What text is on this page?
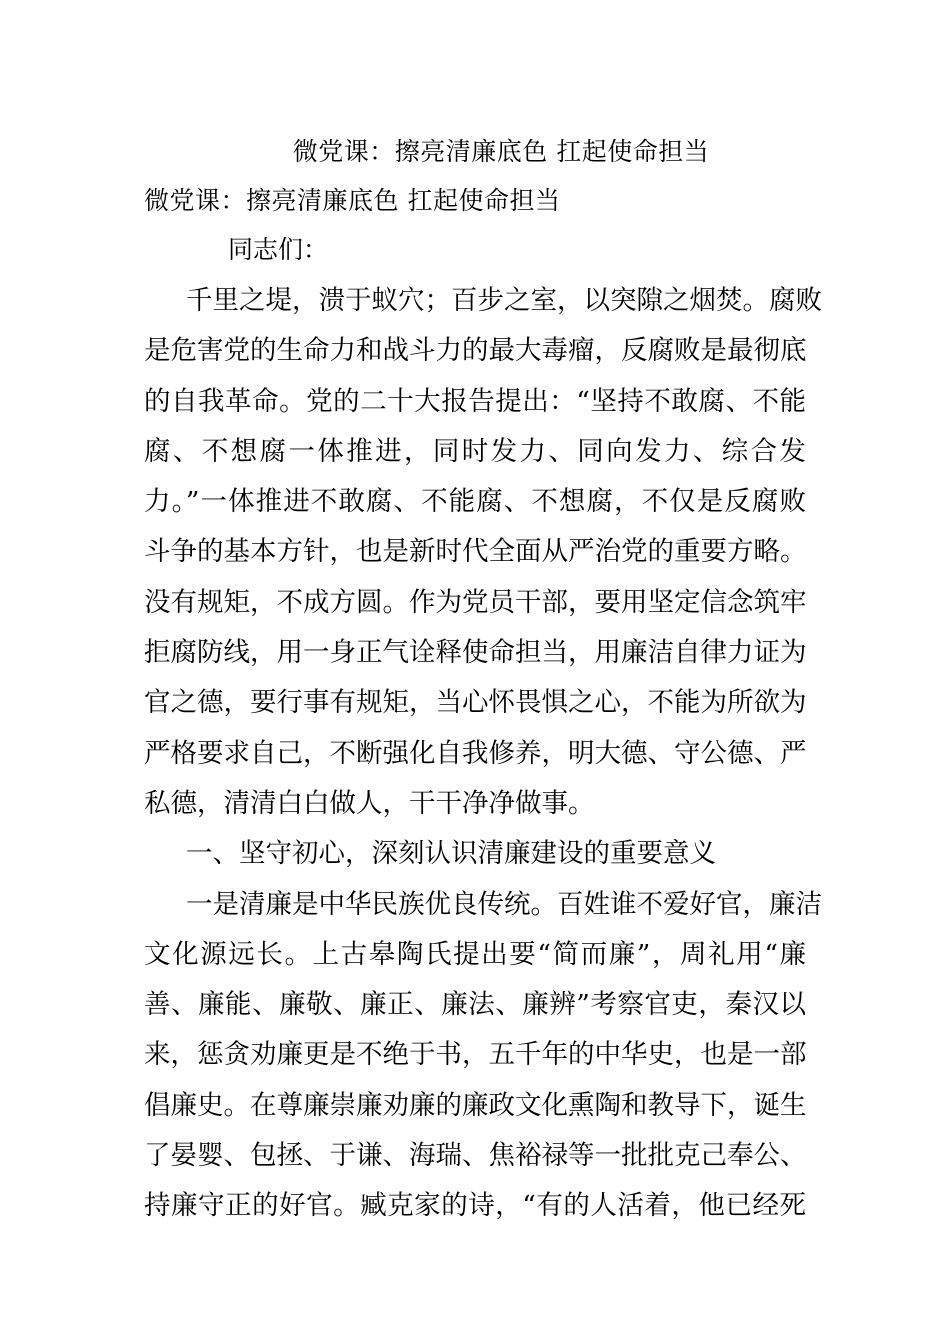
微党课：擦亮清廉底色 扛起使命担当
微党课：擦亮清廉底色 扛起使命担当
同志们：
千里之堤，溃于蚁穴；百步之室，以突隙之烟焚。腐败
是危害党的生命力和战斗力的最大毒瘤，反腐败是最彻底
的自我革命。党的二十大报告提出：“坚持不敢腐、不能
腐、不想腐一体推进，同时发力、同向发力、综合发
力。”一体推进不敢腐、不能腐、不想腐，不仅是反腐败
斗争的基本方针，也是新时代全面从严治党的重要方略。
没有规矩，不成方圆。作为党员干部，要用坚定信念筑牢
拒腐防线，用一身正气诠释使命担当，用廉洁自律力证为
官之德，要行事有规矩，当心怀畏惧之心，不能为所欲为
严格要求自己，不断强化自我修养，明大德、守公德、严
私德，清清白白做人，干干净净做事。
一、坚守初心，深刻认识清廉建设的重要意义
一是清廉是中华民族优良传统。百姓谁不爱好官，廉洁
文化源远长。上古皋陶氏提出要“简而廉”，周礼用“廉
善、廉能、廉敬、廉正、廉法、廉辨”考察官吏，秦汉以
来，惩贪劝廉更是不绝于书，五千年的中华史，也是一部
倡廉史。在尊廉崇廉劝廉的廉政文化熏陶和教导下，诞生
了晏婴、包拯、于谦、海瑞、焦裕禄等一批批克己奉公、
持廉守正的好官。臧克家的诗，“有的人活着，他已经死
